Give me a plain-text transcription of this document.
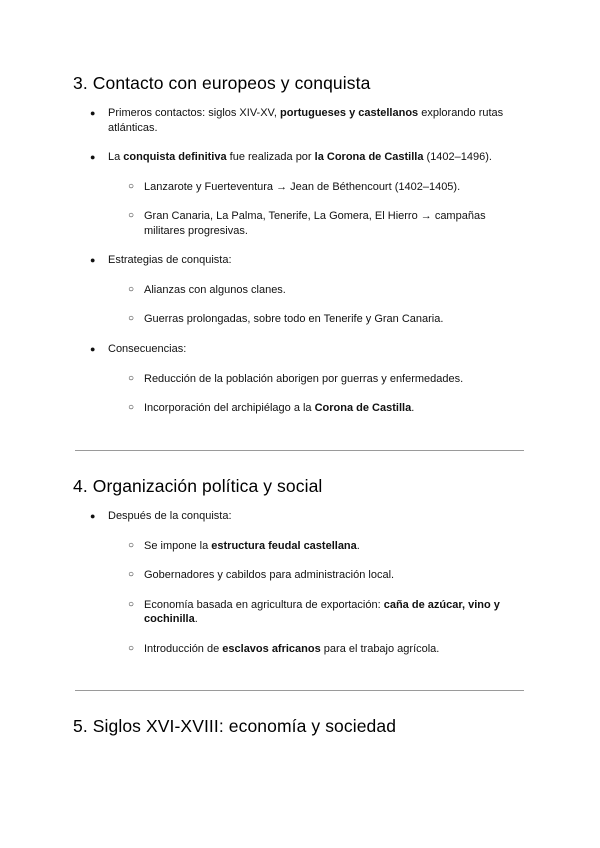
3. Contacto con europeos y conquista
● Primeros contactos: siglos XIV-XV, portugueses y castellanos explorando rutas atlánticas.
● La conquista definitiva fue realizada por la Corona de Castilla (1402–1496).
○ Lanzarote y Fuerteventura → Jean de Béthencourt (1402–1405).
○ Gran Canaria, La Palma, Tenerife, La Gomera, El Hierro → campañas militares progresivas.
● Estrategias de conquista:
○ Alianzas con algunos clanes.
○ Guerras prolongadas, sobre todo en Tenerife y Gran Canaria.
● Consecuencias:
○ Reducción de la población aborigen por guerras y enfermedades.
○ Incorporación del archipiélago a la Corona de Castilla.
4. Organización política y social
● Después de la conquista:
○ Se impone la estructura feudal castellana.
○ Gobernadores y cabildos para administración local.
○ Economía basada en agricultura de exportación: caña de azúcar, vino y cochinilla.
○ Introducción de esclavos africanos para el trabajo agrícola.
5. Siglos XVI-XVIII: economía y sociedad
